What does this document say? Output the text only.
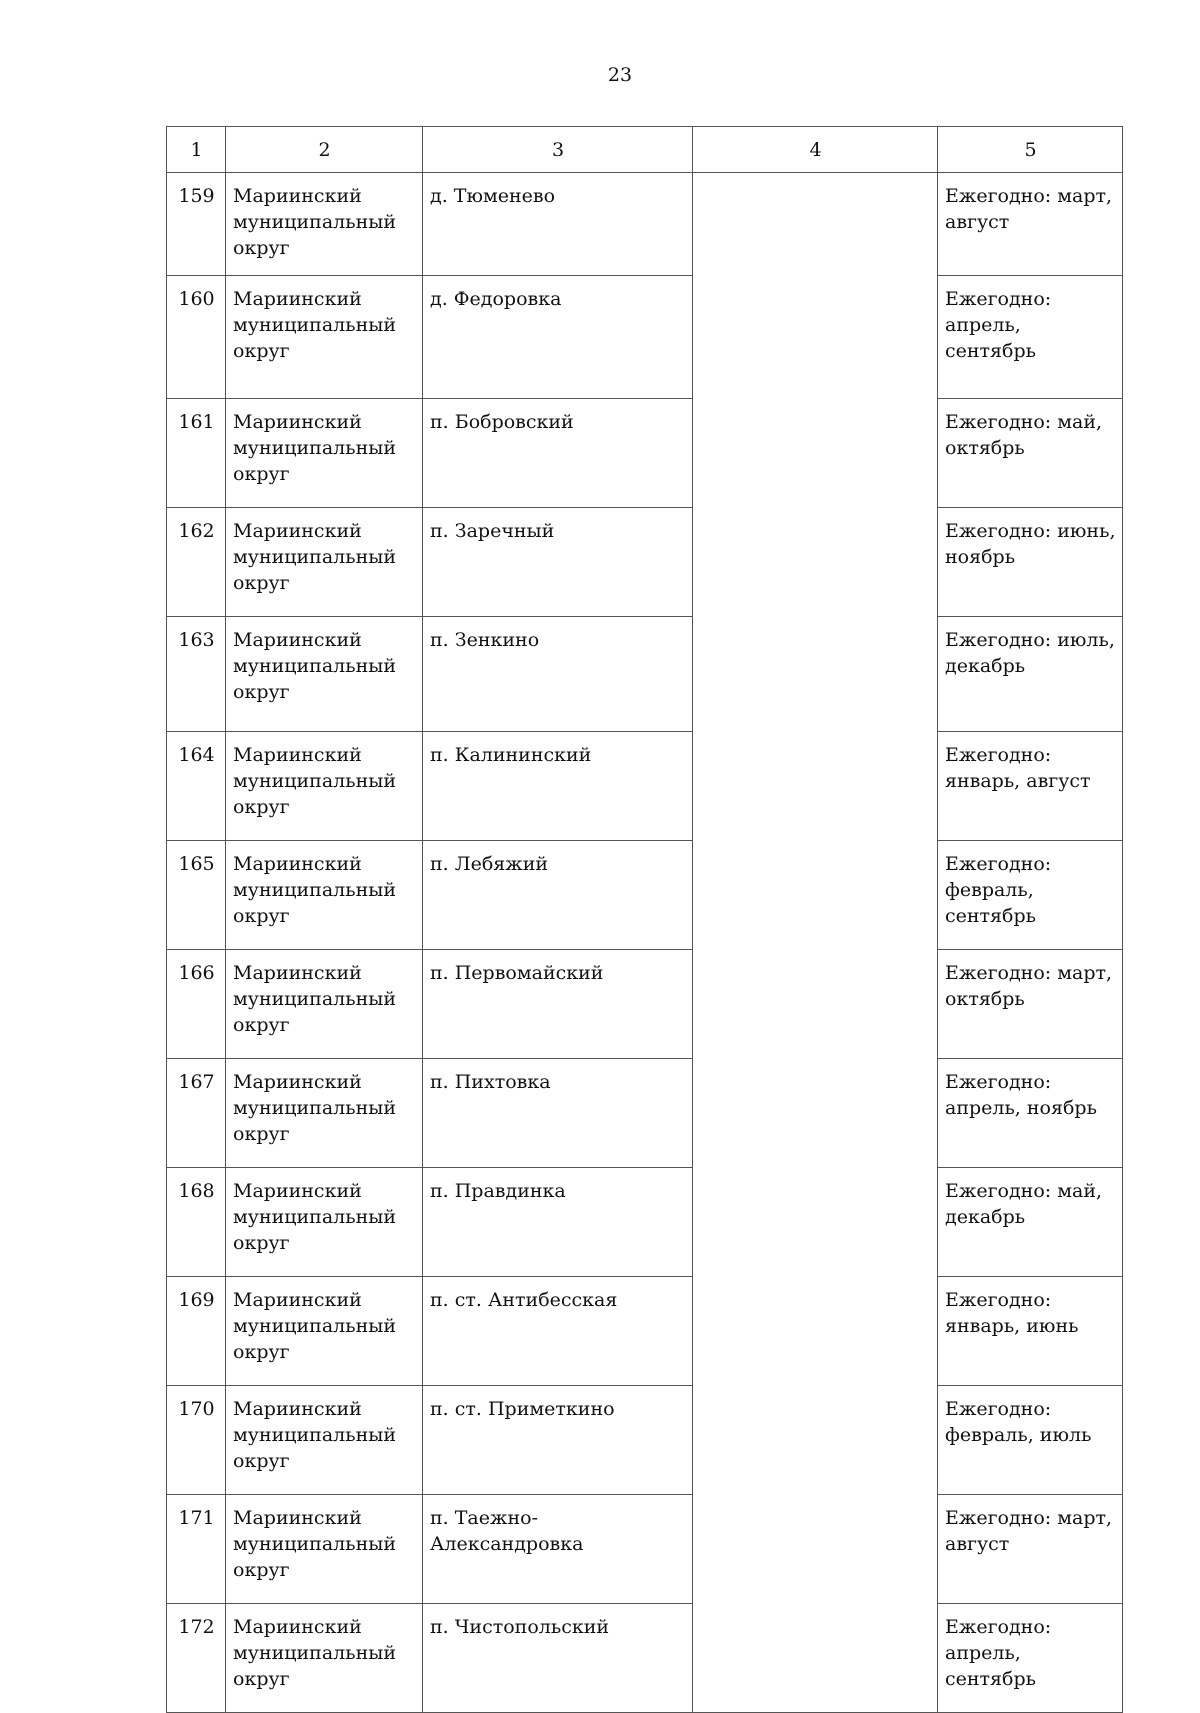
23
1	2	3	4	5
159	Мариинский муниципальный округ	д. Тюменево		Ежегодно: март, август
160	Мариинский муниципальный округ	д. Федоровка		Ежегодно: апрель, сентябрь
161	Мариинский муниципальный округ	п. Бобровский		Ежегодно: май, октябрь
162	Мариинский муниципальный округ	п. Заречный		Ежегодно: июнь, ноябрь
163	Мариинский муниципальный округ	п. Зенкино		Ежегодно: июль, декабрь
164	Мариинский муниципальный округ	п. Калининский		Ежегодно: январь, август
165	Мариинский муниципальный округ	п. Лебяжий		Ежегодно: февраль, сентябрь
166	Мариинский муниципальный округ	п. Первомайский		Ежегодно: март, октябрь
167	Мариинский муниципальный округ	п. Пихтовка		Ежегодно: апрель, ноябрь
168	Мариинский муниципальный округ	п. Правдинка		Ежегодно: май, декабрь
169	Мариинский муниципальный округ	п. ст. Антибесская		Ежегодно: январь, июнь
170	Мариинский муниципальный округ	п. ст. Приметкино		Ежегодно: февраль, июль
171	Мариинский муниципальный округ	п. Таежно-Александровка		Ежегодно: март, август
172	Мариинский муниципальный округ	п. Чистопольский		Ежегодно: апрель, сентябрь
